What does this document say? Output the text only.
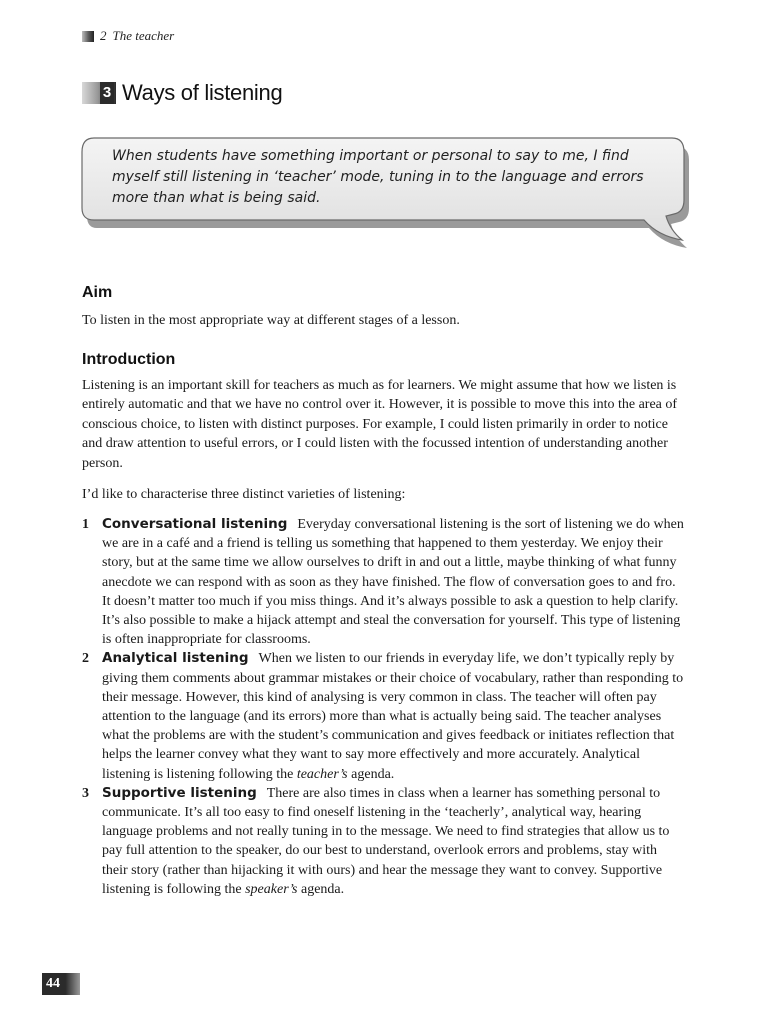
2 The teacher
3 Ways of listening
When students have something important or personal to say to me, I find myself still listening in ‘teacher’ mode, tuning in to the language and errors more than what is being said.
Aim

To listen in the most appropriate way at different stages of a lesson.

Introduction

Listening is an important skill for teachers as much as for learners. We might assume that how we listen is entirely automatic and that we have no control over it. However, it is possible to move this into the area of conscious choice, to listen with distinct purposes. For example, I could listen primarily in order to notice and draw attention to useful errors, or I could listen with the focussed intention of understanding another person.

I’d like to characterise three distinct varieties of listening:

1 Conversational listening Everyday conversational listening is the sort of listening we do when we are in a café and a friend is telling us something that happened to them yesterday. We enjoy their story, but at the same time we allow ourselves to drift in and out a little, maybe thinking of what funny anecdote we can respond with as soon as they have finished. The flow of conversation goes to and fro. It doesn’t matter too much if you miss things. And it’s always possible to ask a question to help clarify. It’s also possible to make a hijack attempt and steal the conversation for yourself. This type of listening is often inappropriate for classrooms.
2 Analytical listening When we listen to our friends in everyday life, we don’t typically reply by giving them comments about grammar mistakes or their choice of vocabulary, rather than responding to their message. However, this kind of analysing is very common in class. The teacher will often pay attention to the language (and its errors) more than what is actually being said. The teacher analyses what the problems are with the student’s communication and gives feedback or initiates reflection that helps the learner convey what they want to say more effectively and more accurately. Analytical listening is listening following the teacher’s agenda.
3 Supportive listening There are also times in class when a learner has something personal to communicate. It’s all too easy to find oneself listening in the ‘teacherly’, analytical way, hearing language problems and not really tuning in to the message. We need to find strategies that allow us to pay full attention to the speaker, do our best to understand, overlook errors and problems, stay with their story (rather than hijacking it with ours) and hear the message they want to convey. Supportive listening is following the speaker’s agenda.
44
